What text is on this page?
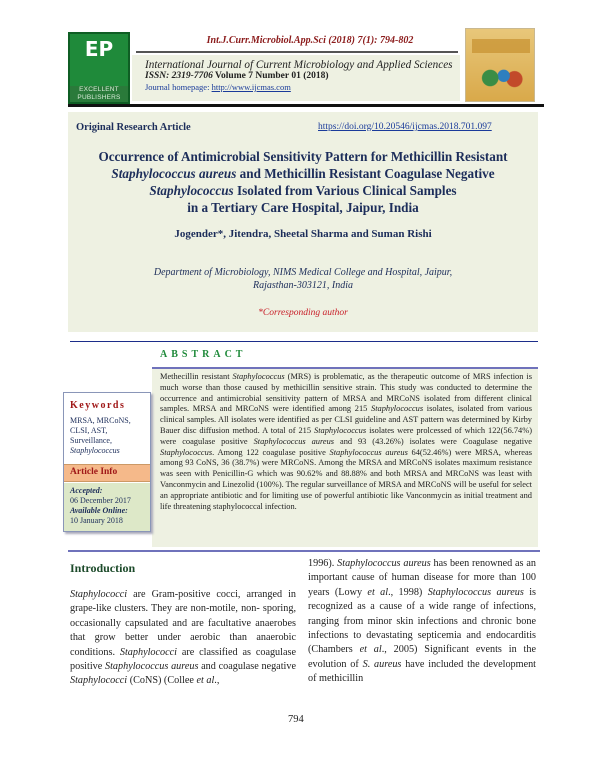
EP
EXCELLENT
PUBLISHERS
Int.J.Curr.Microbiol.App.Sci (2018) 7(1): 794-802
International Journal of Current Microbiology and Applied Sciences
ISSN: 2319-7706 Volume 7 Number 01 (2018)
Journal homepage: http://www.ijcmas.com
Original Research Article	https://doi.org/10.20546/ijcmas.2018.701.097
Occurrence of Antimicrobial Sensitivity Pattern for Methicillin Resistant
Staphylococcus aureus and Methicillin Resistant Coagulase Negative
Staphylococcus Isolated from Various Clinical Samples
in a Tertiary Care Hospital, Jaipur, India
Jogender*, Jitendra, Sheetal Sharma and Suman Rishi
Department of Microbiology, NIMS Medical College and Hospital, Jaipur,
Rajasthan-303121, India
*Corresponding author
ABSTRACT
Methecillin resistant Staphylococcus (MRS) is problematic, as the therapeutic outcome of MRS infection is much worse than those caused by methicillin sensitive strain. This study was conducted to determine the occurrence and antimicrobial sensitivity pattern of MRSA and MRCoNS isolated from different clinical samples. MRSA and MRCoNS were identified among 215 Staphylococcus isolates, isolated from various clinical samples. All isolates were identified as per CLSI guideline and AST pattern was determined by Kirby Bauer disc diffusion method. A total of 215 Staphylococcus isolates were prolcessed of which 122(56.74%) were coagulase positive Staphylococcus aureus and 93 (43.26%) isolates were Coagulase negative Staphylococcus. Among 122 coagulase positive Staphylococcus aureus 64(52.46%) were MRSA, whereas among 93 CoNS, 36 (38.7%) were MRCoNS. Among the MRSA and MRCoNS isolates maximum resistance was seen with Penicillin-G which was 90.62% and 88.88% and both MRSA and MRCoNS was least with Vanconmycin and Linezolid (100%). The regular surveillance of MRSA and MRCoNS will be useful for select an appropriate antibiotic and for limiting use of powerful antibiotic like Vanconmycin as initial treatment and life threatening staphylococcal infection.
Keywords
MRSA, MRCoNS, CLSI, AST, Surveillance, Staphylococcus
Article Info
Accepted:
06 December 2017
Available Online:
10 January 2018
Introduction
Staphylococci are Gram-positive cocci, arranged in grape-like clusters. They are non-motile, non- sporing, occasionally capsulated and are facultative anaerobes that grow better under aerobic than anaerobic conditions. Staphylococci are classified as coagulase positive Staphylococcus aureus and coagulase negative Staphylococci (CoNS) (Collee et al.,
1996). Staphylococcus aureus has been renowned as an important cause of human disease for more than 100 years (Lowy et al., 1998) Staphylococcus aureus is recognized as a cause of a wide range of infections, ranging from minor skin infections and chronic bone infections to devastating septicemia and endocarditis (Chambers et al., 2005) Significant events in the evolution of S. aureus have included the development of methicillin
794
